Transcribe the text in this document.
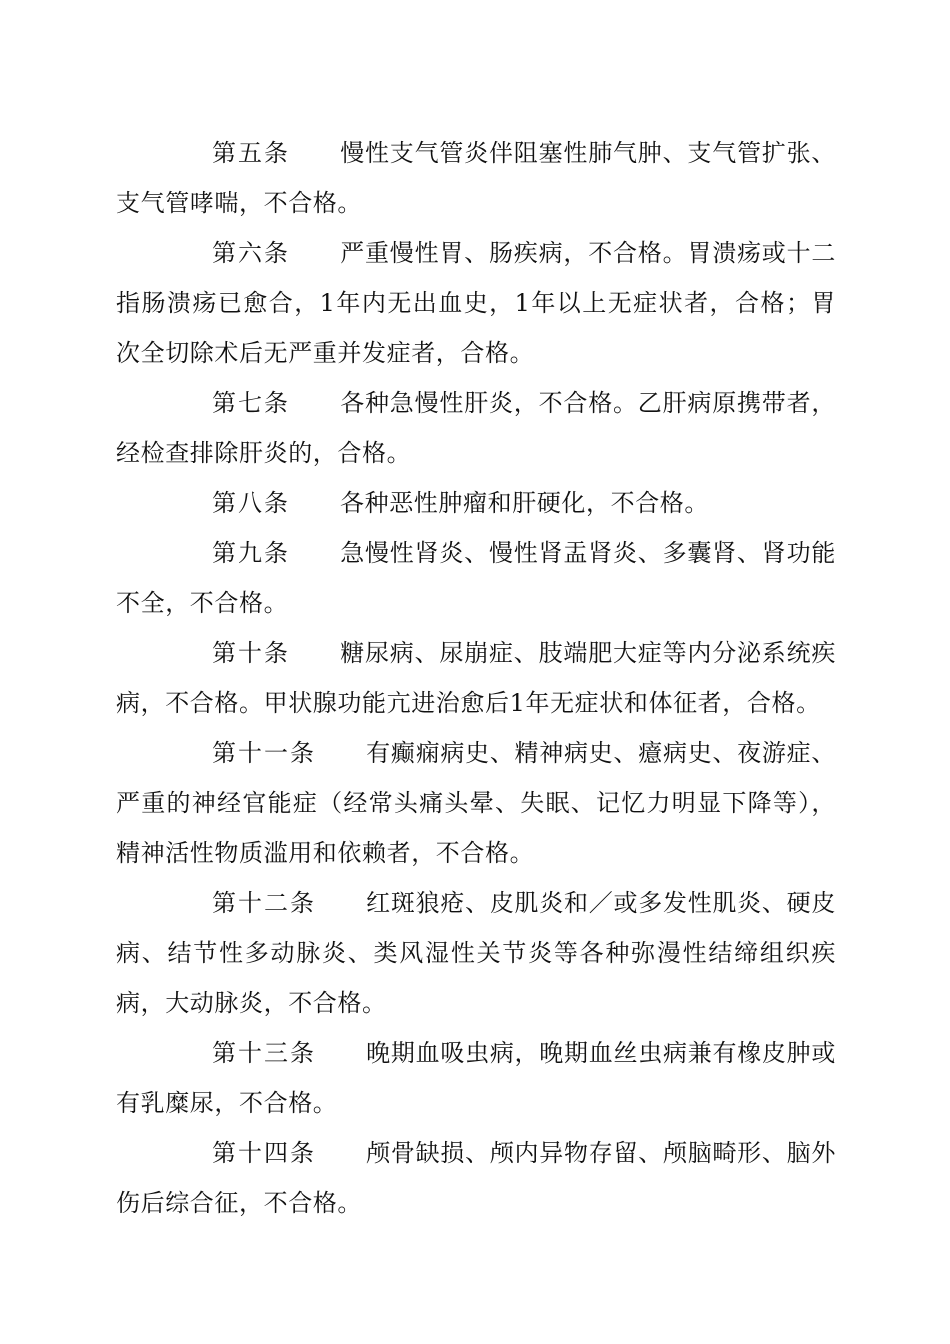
第五条 慢性支气管炎伴阻塞性肺气肿、支气管扩张、支气管哮喘，不合格。

第六条 严重慢性胃、肠疾病，不合格。胃溃疡或十二指肠溃疡已愈合，1年内无出血史，1年以上无症状者，合格；胃次全切除术后无严重并发症者，合格。

第七条 各种急慢性肝炎，不合格。乙肝病原携带者，经检查排除肝炎的，合格。

第八条 各种恶性肿瘤和肝硬化，不合格。

第九条 急慢性肾炎、慢性肾盂肾炎、多囊肾、肾功能不全，不合格。

第十条 糖尿病、尿崩症、肢端肥大症等内分泌系统疾病，不合格。甲状腺功能亢进治愈后1年无症状和体征者，合格。

第十一条 有癫痫病史、精神病史、癔病史、夜游症、严重的神经官能症（经常头痛头晕、失眠、记忆力明显下降等），精神活性物质滥用和依赖者，不合格。

第十二条 红斑狼疮、皮肌炎和／或多发性肌炎、硬皮病、结节性多动脉炎、类风湿性关节炎等各种弥漫性结缔组织疾病，大动脉炎，不合格。

第十三条 晚期血吸虫病，晚期血丝虫病兼有橡皮肿或有乳糜尿，不合格。

第十四条 颅骨缺损、颅内异物存留、颅脑畸形、脑外伤后综合征，不合格。
